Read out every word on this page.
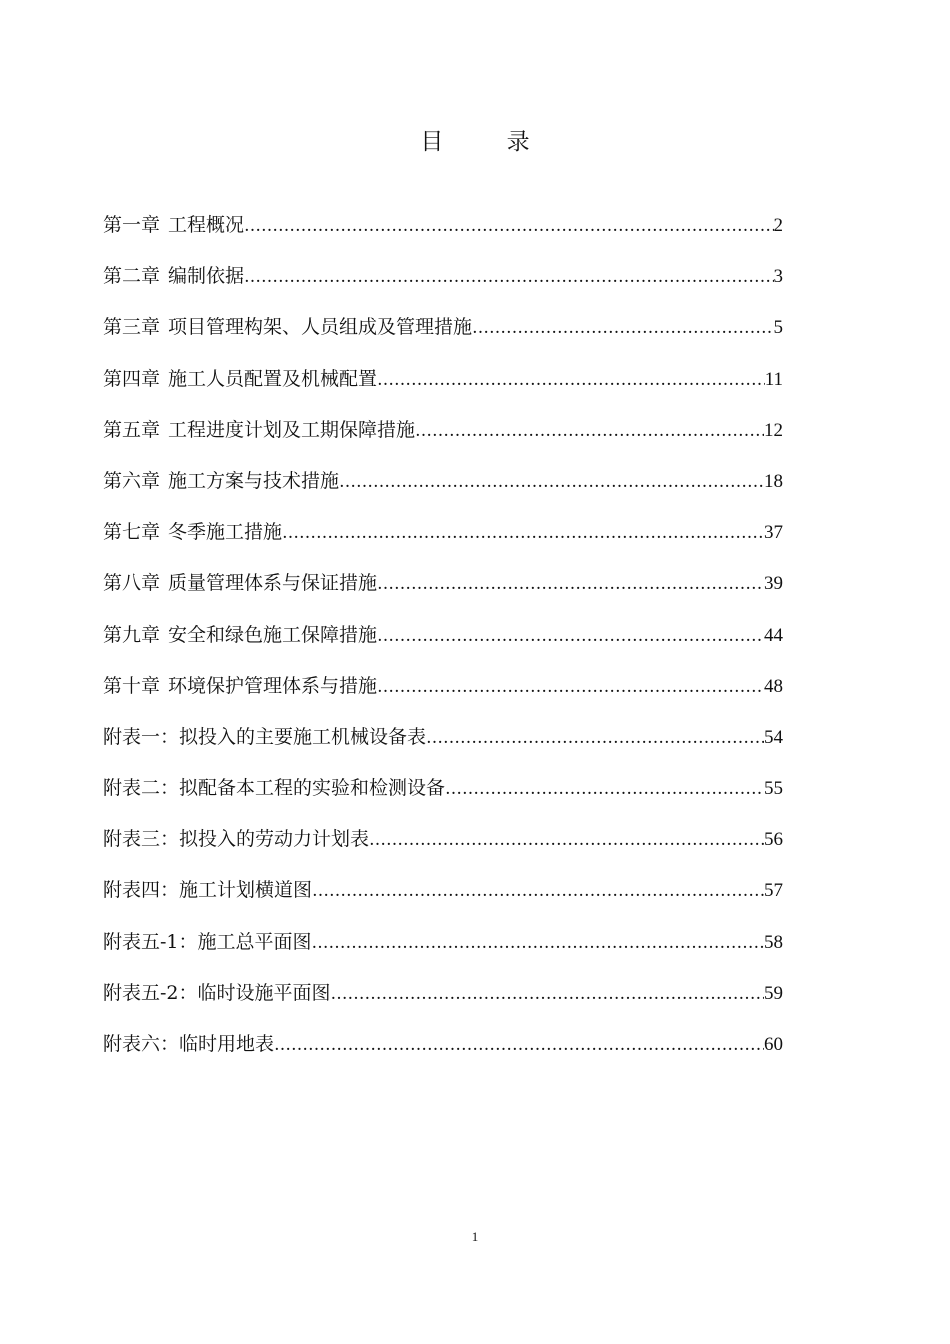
目 录
第一章 工程概况 ……………………………………………………………………………………………………………………………………………………………………………………………	2
第二章 编制依据 ……………………………………………………………………………………………………………………………………………………………………………………………	3
第三章 项目管理构架、人员组成及管理措施 ……………………………………………………………………………………………………………………………………………………………………………………………	5
第四章 施工人员配置及机械配置 ……………………………………………………………………………………………………………………………………………………………………………………………	11
第五章 工程进度计划及工期保障措施 ……………………………………………………………………………………………………………………………………………………………………………………………	12
第六章 施工方案与技术措施 ……………………………………………………………………………………………………………………………………………………………………………………………	18
第七章 冬季施工措施 ……………………………………………………………………………………………………………………………………………………………………………………………	37
第八章 质量管理体系与保证措施 ……………………………………………………………………………………………………………………………………………………………………………………………	39
第九章 安全和绿色施工保障措施 ……………………………………………………………………………………………………………………………………………………………………………………………	44
第十章 环境保护管理体系与措施 ……………………………………………………………………………………………………………………………………………………………………………………………	48
附表一：拟投入的主要施工机械设备表 ……………………………………………………………………………………………………………………………………………………………………………………………	54
附表二：拟配备本工程的实验和检测设备 ……………………………………………………………………………………………………………………………………………………………………………………………	55
附表三：拟投入的劳动力计划表 ……………………………………………………………………………………………………………………………………………………………………………………………	56
附表四：施工计划横道图 ……………………………………………………………………………………………………………………………………………………………………………………………	57
附表五-1：施工总平面图 ……………………………………………………………………………………………………………………………………………………………………………………………	58
附表五-2：临时设施平面图 ……………………………………………………………………………………………………………………………………………………………………………………………	59
附表六：临时用地表 ……………………………………………………………………………………………………………………………………………………………………………………………	60
1
